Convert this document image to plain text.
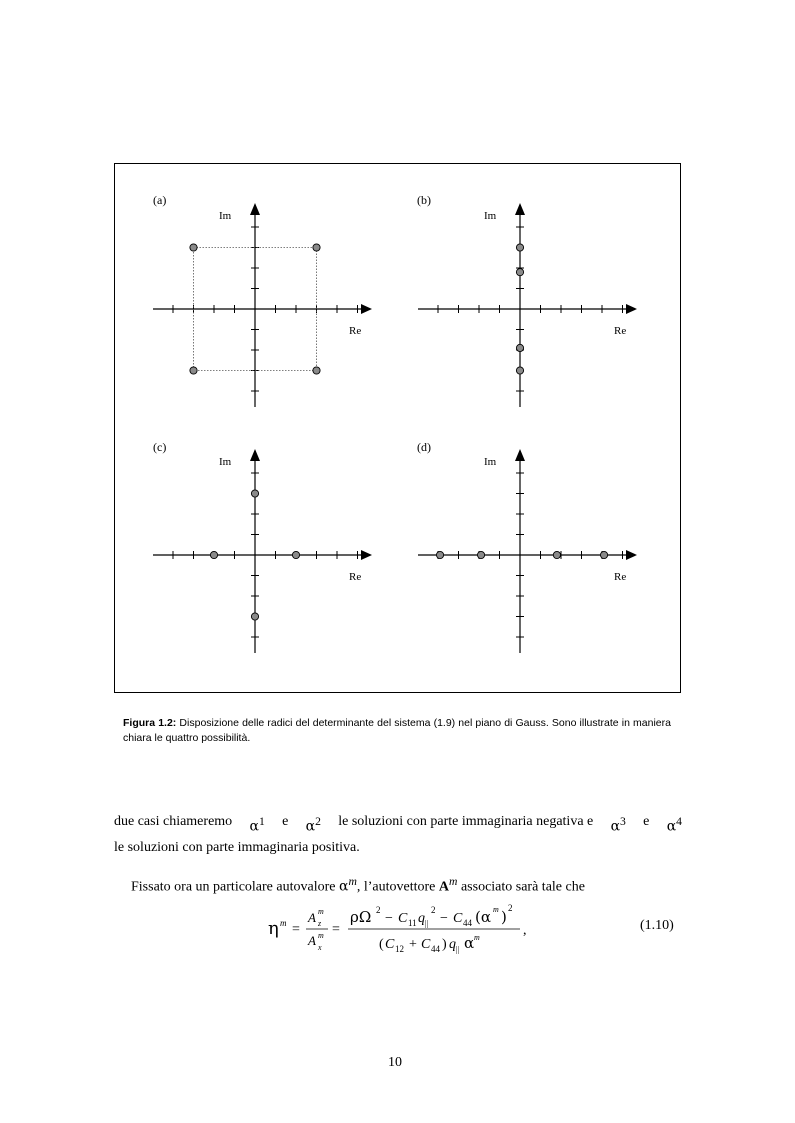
(a)
Im
Re
(b)
Im
Re
(c)
Im
Re
(d)
Im
Re
Figura 1.2: Disposizione delle radici del determinante del sistema (1.9) nel piano di Gauss. Sono illustrate in maniera chiara le quattro possibilità.
due casi chiameremo $\alpha^1$ e $\alpha^2$ le soluzioni con parte immaginaria negativa e $\alpha^3$ e $\alpha^4$
le soluzioni con parte immaginaria positiva.
Fissato ora un particolare autovalore $\alpha^m$, l’autovettore $A^m$ associato sarà tale che
η m =
A m
z
A m
x
=
ρΩ 2
− C 11 q ||
2
− C 44 (α m ) 2
( C 12 + C 44 ) q || α m	,	(1.10)
10
